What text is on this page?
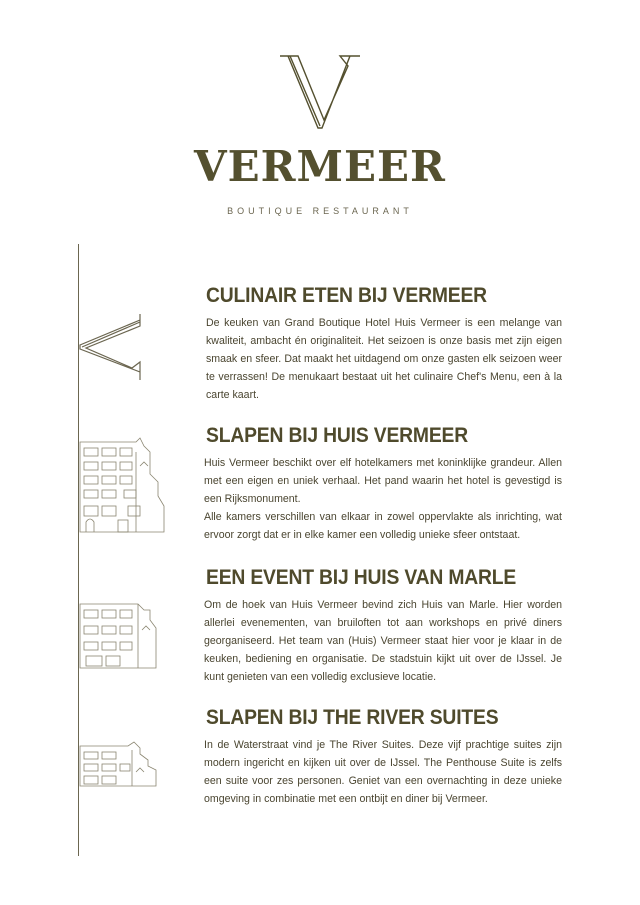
VERMEER
BOUTIQUE RESTAURANT
CULINAIR ETEN BIJ VERMEER

De keuken van Grand Boutique Hotel Huis Vermeer is een melange van kwaliteit, ambacht én originaliteit. Het seizoen is onze basis met zijn eigen smaak en sfeer. Dat maakt het uitdagend om onze gasten elk seizoen weer te verrassen! De menukaart bestaat uit het culinaire Chef's Menu, een à la carte kaart.

SLAPEN BIJ HUIS VERMEER

Huis Vermeer beschikt over elf hotelkamers met koninklijke grandeur. Allen met een eigen en uniek verhaal. Het pand waarin het hotel is gevestigd is een Rijksmonument.

Alle kamers verschillen van elkaar in zowel oppervlakte als inrichting, wat ervoor zorgt dat er in elke kamer een volledig unieke sfeer ontstaat.

EEN EVENT BIJ HUIS VAN MARLE

Om de hoek van Huis Vermeer bevind zich Huis van Marle. Hier worden allerlei evenementen, van bruiloften tot aan workshops en privé diners georganiseerd. Het team van (Huis) Vermeer staat hier voor je klaar in de keuken, bediening en organisatie. De stadstuin kijkt uit over de IJssel. Je kunt genieten van een volledig exclusieve locatie.

SLAPEN BIJ THE RIVER SUITES

In de Waterstraat vind je The River Suites. Deze vijf prachtige suites zijn modern ingericht en kijken uit over de IJssel. The Penthouse Suite is zelfs een suite voor zes personen. Geniet van een overnachting in deze unieke omgeving in combinatie met een ontbijt en diner bij Vermeer.
